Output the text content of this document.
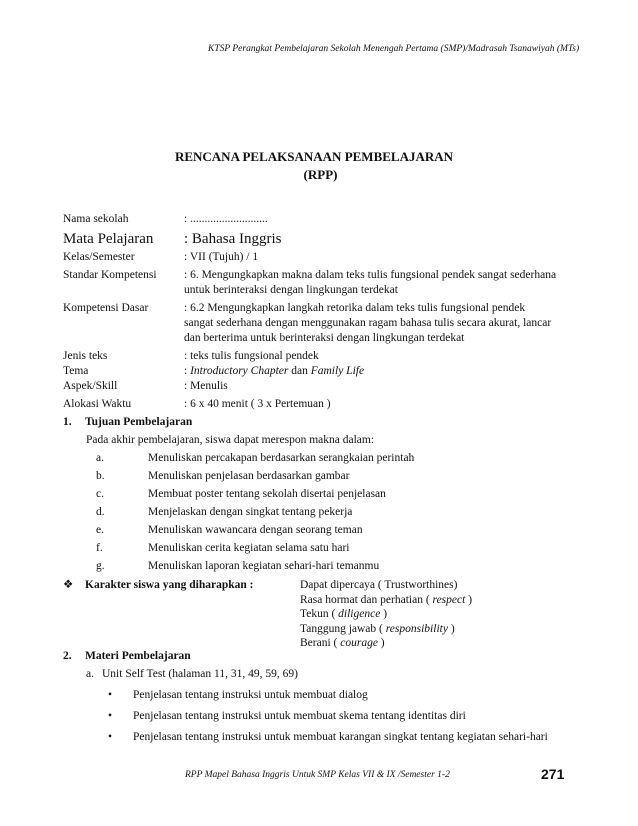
KTSP Perangkat Pembelajaran Sekolah Menengah Pertama (SMP)/Madrasah Tsanawiyah (MTs)
RENCANA PELAKSANAAN PEMBELAJARAN
(RPP)
Nama sekolah	: ...........................
Mata Pelajaran	: Bahasa Inggris
Kelas/Semester	: VII (Tujuh) / 1
Standar Kompetensi	: 6. Mengungkapkan makna dalam teks tulis fungsional pendek sangat sederhana
untuk berinteraksi dengan lingkungan terdekat
Kompetensi Dasar	: 6.2 Mengungkapkan langkah retorika dalam teks tulis fungsional pendek
sangat sederhana dengan menggunakan ragam bahasa tulis secara akurat, lancar
dan berterima untuk berinteraksi dengan lingkungan terdekat
Jenis teks	: teks tulis fungsional pendek
Tema	: Introductory Chapter dan Family Life
Aspek/Skill	: Menulis
Alokasi Waktu	: 6 x 40 menit ( 3 x Pertemuan )
1. Tujuan Pembelajaran
Pada akhir pembelajaran, siswa dapat merespon makna dalam:
a.	Menuliskan percakapan berdasarkan serangkaian perintah
b.	Menuliskan penjelasan berdasarkan gambar
c.	Membuat poster tentang sekolah disertai penjelasan
d.	Menjelaskan dengan singkat tentang pekerja
e.	Menuliskan wawancara dengan seorang teman
f.	Menuliskan cerita kegiatan selama satu hari
g.	Menuliskan laporan kegiatan sehari-hari temanmu
❖ Karakter siswa yang diharapkan :	Dapat dipercaya ( Trustworthines)
Rasa hormat dan perhatian ( respect )
Tekun ( diligence )
Tanggung jawab ( responsibility )
Berani ( courage )
2. Materi Pembelajaran
a. Unit Self Test (halaman 11, 31, 49, 59, 69)
•	Penjelasan tentang instruksi untuk membuat dialog
•	Penjelasan tentang instruksi untuk membuat skema tentang identitas diri
•	Penjelasan tentang instruksi untuk membuat karangan singkat tentang kegiatan sehari-hari
RPP Mapel Bahasa Inggris Untuk SMP Kelas VII & IX /Semester 1-2	271
